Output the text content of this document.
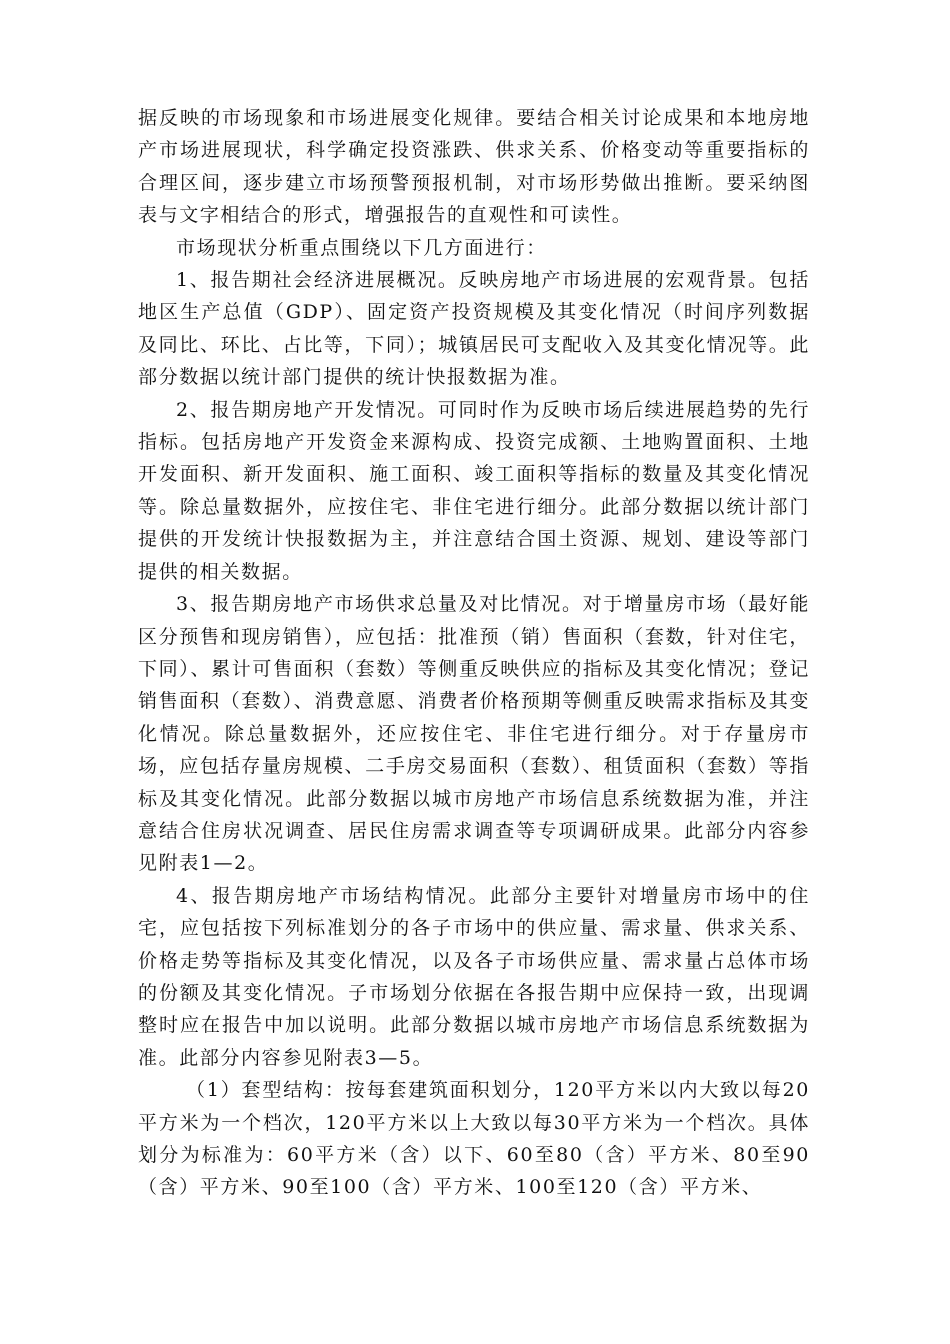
据反映的市场现象和市场进展变化规律。要结合相关讨论成果和本地房地产市场进展现状，科学确定投资涨跌、供求关系、价格变动等重要指标的合理区间，逐步建立市场预警预报机制，对市场形势做出推断。要采纳图表与文字相结合的形式，增强报告的直观性和可读性。

市场现状分析重点围绕以下几方面进行：

1、报告期社会经济进展概况。反映房地产市场进展的宏观背景。包括地区生产总值（GDP）、固定资产投资规模及其变化情况（时间序列数据及同比、环比、占比等，下同）；城镇居民可支配收入及其变化情况等。此部分数据以统计部门提供的统计快报数据为准。

2、报告期房地产开发情况。可同时作为反映市场后续进展趋势的先行指标。包括房地产开发资金来源构成、投资完成额、土地购置面积、土地开发面积、新开发面积、施工面积、竣工面积等指标的数量及其变化情况等。除总量数据外，应按住宅、非住宅进行细分。此部分数据以统计部门提供的开发统计快报数据为主，并注意结合国土资源、规划、建设等部门提供的相关数据。

3、报告期房地产市场供求总量及对比情况。对于增量房市场（最好能区分预售和现房销售），应包括：批准预（销）售面积（套数，针对住宅，下同）、累计可售面积（套数）等侧重反映供应的指标及其变化情况；登记销售面积（套数）、消费意愿、消费者价格预期等侧重反映需求指标及其变化情况。除总量数据外，还应按住宅、非住宅进行细分。对于存量房市场，应包括存量房规模、二手房交易面积（套数）、租赁面积（套数）等指标及其变化情况。此部分数据以城市房地产市场信息系统数据为准，并注意结合住房状况调查、居民住房需求调查等专项调研成果。此部分内容参见附表1—2。

4、报告期房地产市场结构情况。此部分主要针对增量房市场中的住宅，应包括按下列标准划分的各子市场中的供应量、需求量、供求关系、价格走势等指标及其变化情况，以及各子市场供应量、需求量占总体市场的份额及其变化情况。子市场划分依据在各报告期中应保持一致，出现调整时应在报告中加以说明。此部分数据以城市房地产市场信息系统数据为准。此部分内容参见附表3—5。

（1）套型结构：按每套建筑面积划分，120平方米以内大致以每20平方米为一个档次，120平方米以上大致以每30平方米为一个档次。具体划分为标准为：60平方米（含）以下、60至80（含）平方米、80至90（含）平方米、90至100（含）平方米、100至120（含）平方米、
